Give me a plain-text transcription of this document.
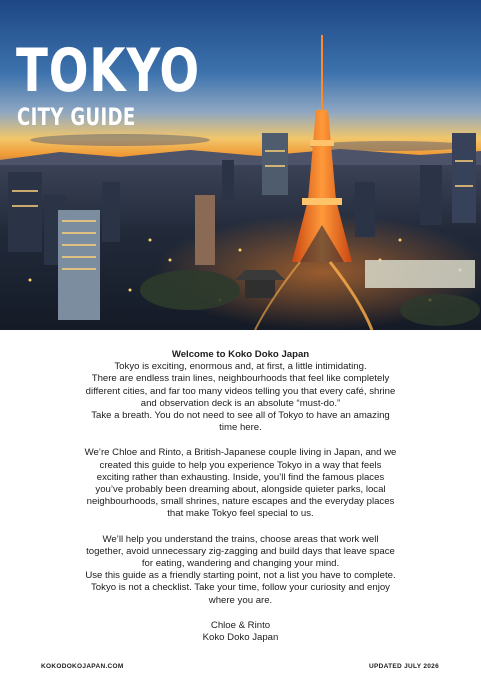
TOKYO
CITY GUIDE

Welcome to Koko Doko Japan
Tokyo is exciting, enormous and, at first, a little intimidating.
There are endless train lines, neighbourhoods that feel like completely
different cities, and far too many videos telling you that every café, shrine
and observation deck is an absolute “must-do.”
Take a breath. You do not need to see all of Tokyo to have an amazing
time here.

We’re Chloe and Rinto, a British-Japanese couple living in Japan, and we
created this guide to help you experience Tokyo in a way that feels
exciting rather than exhausting. Inside, you’ll find the famous places
you’ve probably been dreaming about, alongside quieter parks, local
neighbourhoods, small shrines, nature escapes and the everyday places
that make Tokyo feel special to us.

We’ll help you understand the trains, choose areas that work well
together, avoid unnecessary zig-zagging and build days that leave space
for eating, wandering and changing your mind.
Use this guide as a friendly starting point, not a list you have to complete.
Tokyo is not a checklist. Take your time, follow your curiosity and enjoy
where you are.

Chloe & Rinto
Koko Doko Japan

KOKODOKOJAPAN.COM	UPDATED JULY 2026
